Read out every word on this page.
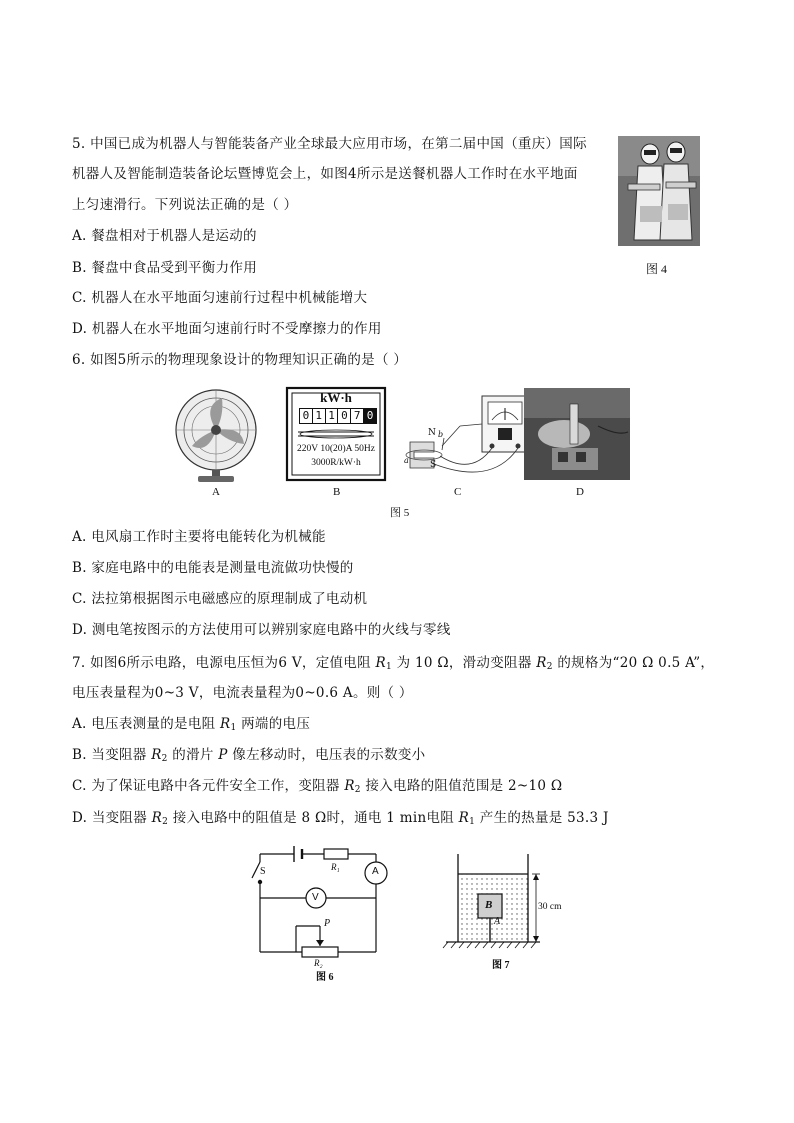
5. 中国已成为机器人与智能装备产业全球最大应用市场，在第二届中国（重庆）国际
机器人及智能制造装备论坛暨博览会上，如图4所示是送餐机器人工作时在水平地面
上匀速滑行。下列说法正确的是（ ）
A. 餐盘相对于机器人是运动的
B. 餐盘中食品受到平衡力作用
C. 机器人在水平地面匀速前行过程中机械能增大
D. 机器人在水平地面匀速前行时不受摩擦力的作用
图 4
6. 如图5所示的物理现象设计的物理知识正确的是（ ）
kW·h
0 1 1 0 7 0
220V 10(20)A 50Hz
3000R/kW·h
N
S
a
b
A	B	C	D
图 5
A. 电风扇工作时主要将电能转化为机械能
B. 家庭电路中的电能表是测量电流做功快慢的
C. 法拉第根据图示电磁感应的原理制成了电动机
D. 测电笔按图示的方法使用可以辨别家庭电路中的火线与零线
7. 如图6所示电路，电源电压恒为6 V，定值电阻 $R_1$ 为 10 Ω，滑动变阻器 $R_2$ 的规格为“20 Ω 0.5 A”，
电压表量程为0~3 V，电流表量程为0~0.6 A。则（ ）
A. 电压表测量的是电阻 $R_1$ 两端的电压
B. 当变阻器 $R_2$ 的滑片 P 像左移动时，电压表的示数变小
C. 为了保证电路中各元件安全工作，变阻器 $R_2$ 接入电路的阻值范围是 2~10 Ω
D. 当变阻器 $R_2$ 接入电路中的阻值是 8 Ω时，通电 1 min电阻 $R_1$ 产生的热量是 53.3 J
S	R₁	A
V
P
R₂
图 6
B
A
30 cm
图 7
